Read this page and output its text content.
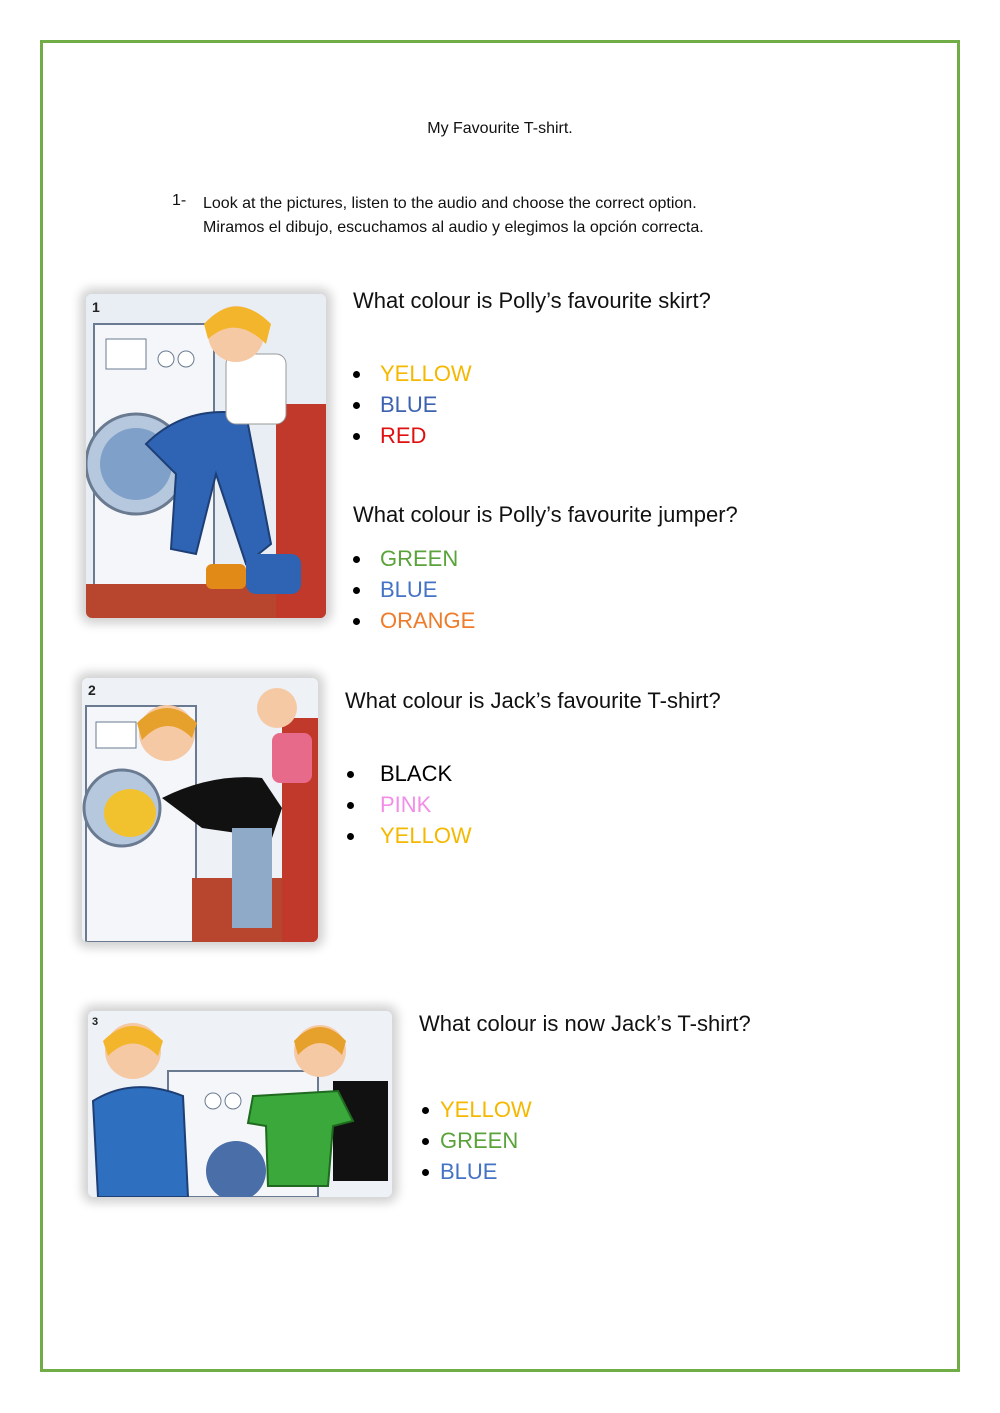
My Favourite T-shirt.
1- Look at the pictures, listen to the audio and choose the correct option.
Miramos el dibujo, escuchamos al audio y elegimos la opción correcta.
1	What colour is Polly’s favourite skirt?
YELLOW
BLUE
RED
What colour is Polly’s favourite jumper?
GREEN
BLUE
ORANGE
2	What colour is Jack’s favourite T-shirt?
BLACK
PINK
YELLOW
3	What colour is now Jack’s T-shirt?
YELLOW
GREEN
BLUE
